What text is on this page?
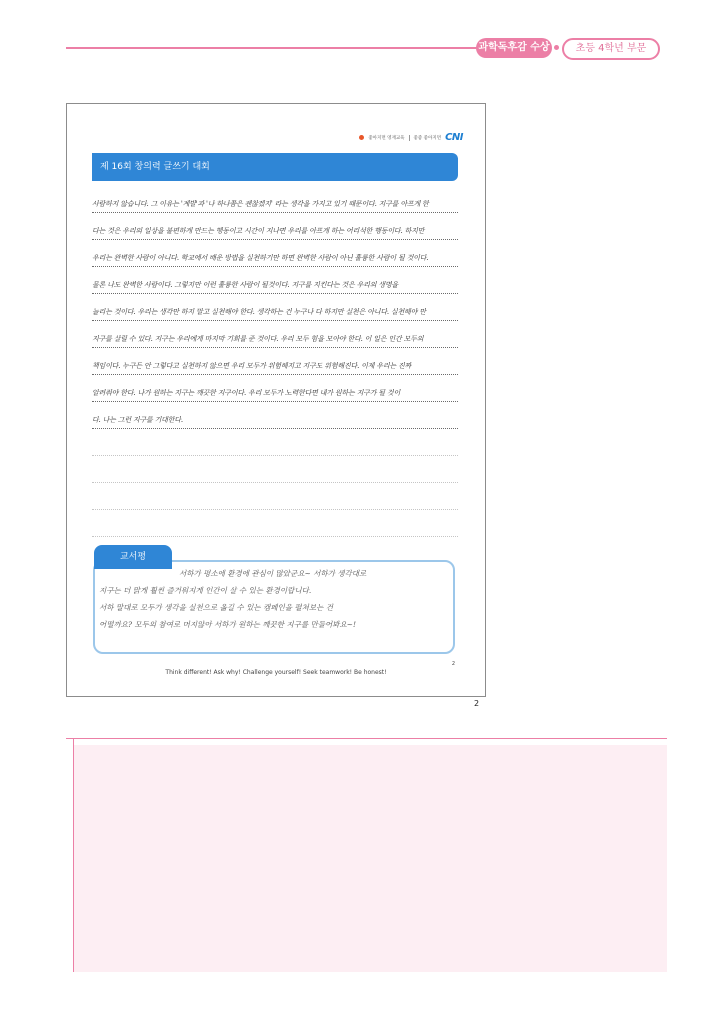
과학독후감 수상작
초등 4학년 부문
좋아지면 영재교육 좋좋 좋아지면 CNI
제 16회 창의력 글쓰기 대회
사람하지 않습니다. 그 이유는 '계발'과 '나 하나쯤은 괜찮겠지' 라는 생각을 가지고 있기 때문이다. 지구를 아프게 한
다는 것은 우리의 일상을 불편하게 만드는 행동이고 시간이 지나면 우리를 아프게 하는 어리석한 행동이다. 하지만
우리는 완벽한 사람이 아니다. 학교에서 배운 방법을 실천하기만 하면 완벽한 사람이 아닌 훌륭한 사람이 될 것이다.
물론 나도 완벽한 사람이다. 그렇지만 이런 훌륭한 사람이 될것이다. 지구를 지킨다는 것은 우리의 생명을
늘리는 것이다. 우리는 생각만 하지 말고 실천해야 한다. 생각하는 건 누구나 다 하지만 실천은 아니다. 실천해야 만
지구를 살릴 수 있다. 지구는 우리에게 마지막 기회를 준 것이다. 우리 모두 힘을 모아야 한다. 이 일은 인간 모두의
책임이다. 누구든 안 그렇다고 실천하지 않으면 우리 모두가 위험해지고 지구도 위험해진다. 이제 우리는 진짜
알려줘야 한다. 나가 원하는 지구는 깨끗한 지구이다. 우리 모두가 노력한다면 내가 원하는 지구가 될 것이
다. 나는 그런 지구를 기대한다.
서하가 평소에 환경에 관심이 많았군요~ 서하가 생각대로
지구는 더 맑게 훨씬 즐거워지게 인간이 살 수 있는 환경이랍니다.
서하 말대로 모두가 생각을 실천으로 옮길 수 있는 캠페인을 펼쳐보는 건
어떨까요? 모두의 참여로 머지않아 서하가 원하는 깨끗한 지구를 만들어봐요~!
교서평
2
Think different! Ask why! Challenge yourself! Seek teamwork! Be honest!
2
